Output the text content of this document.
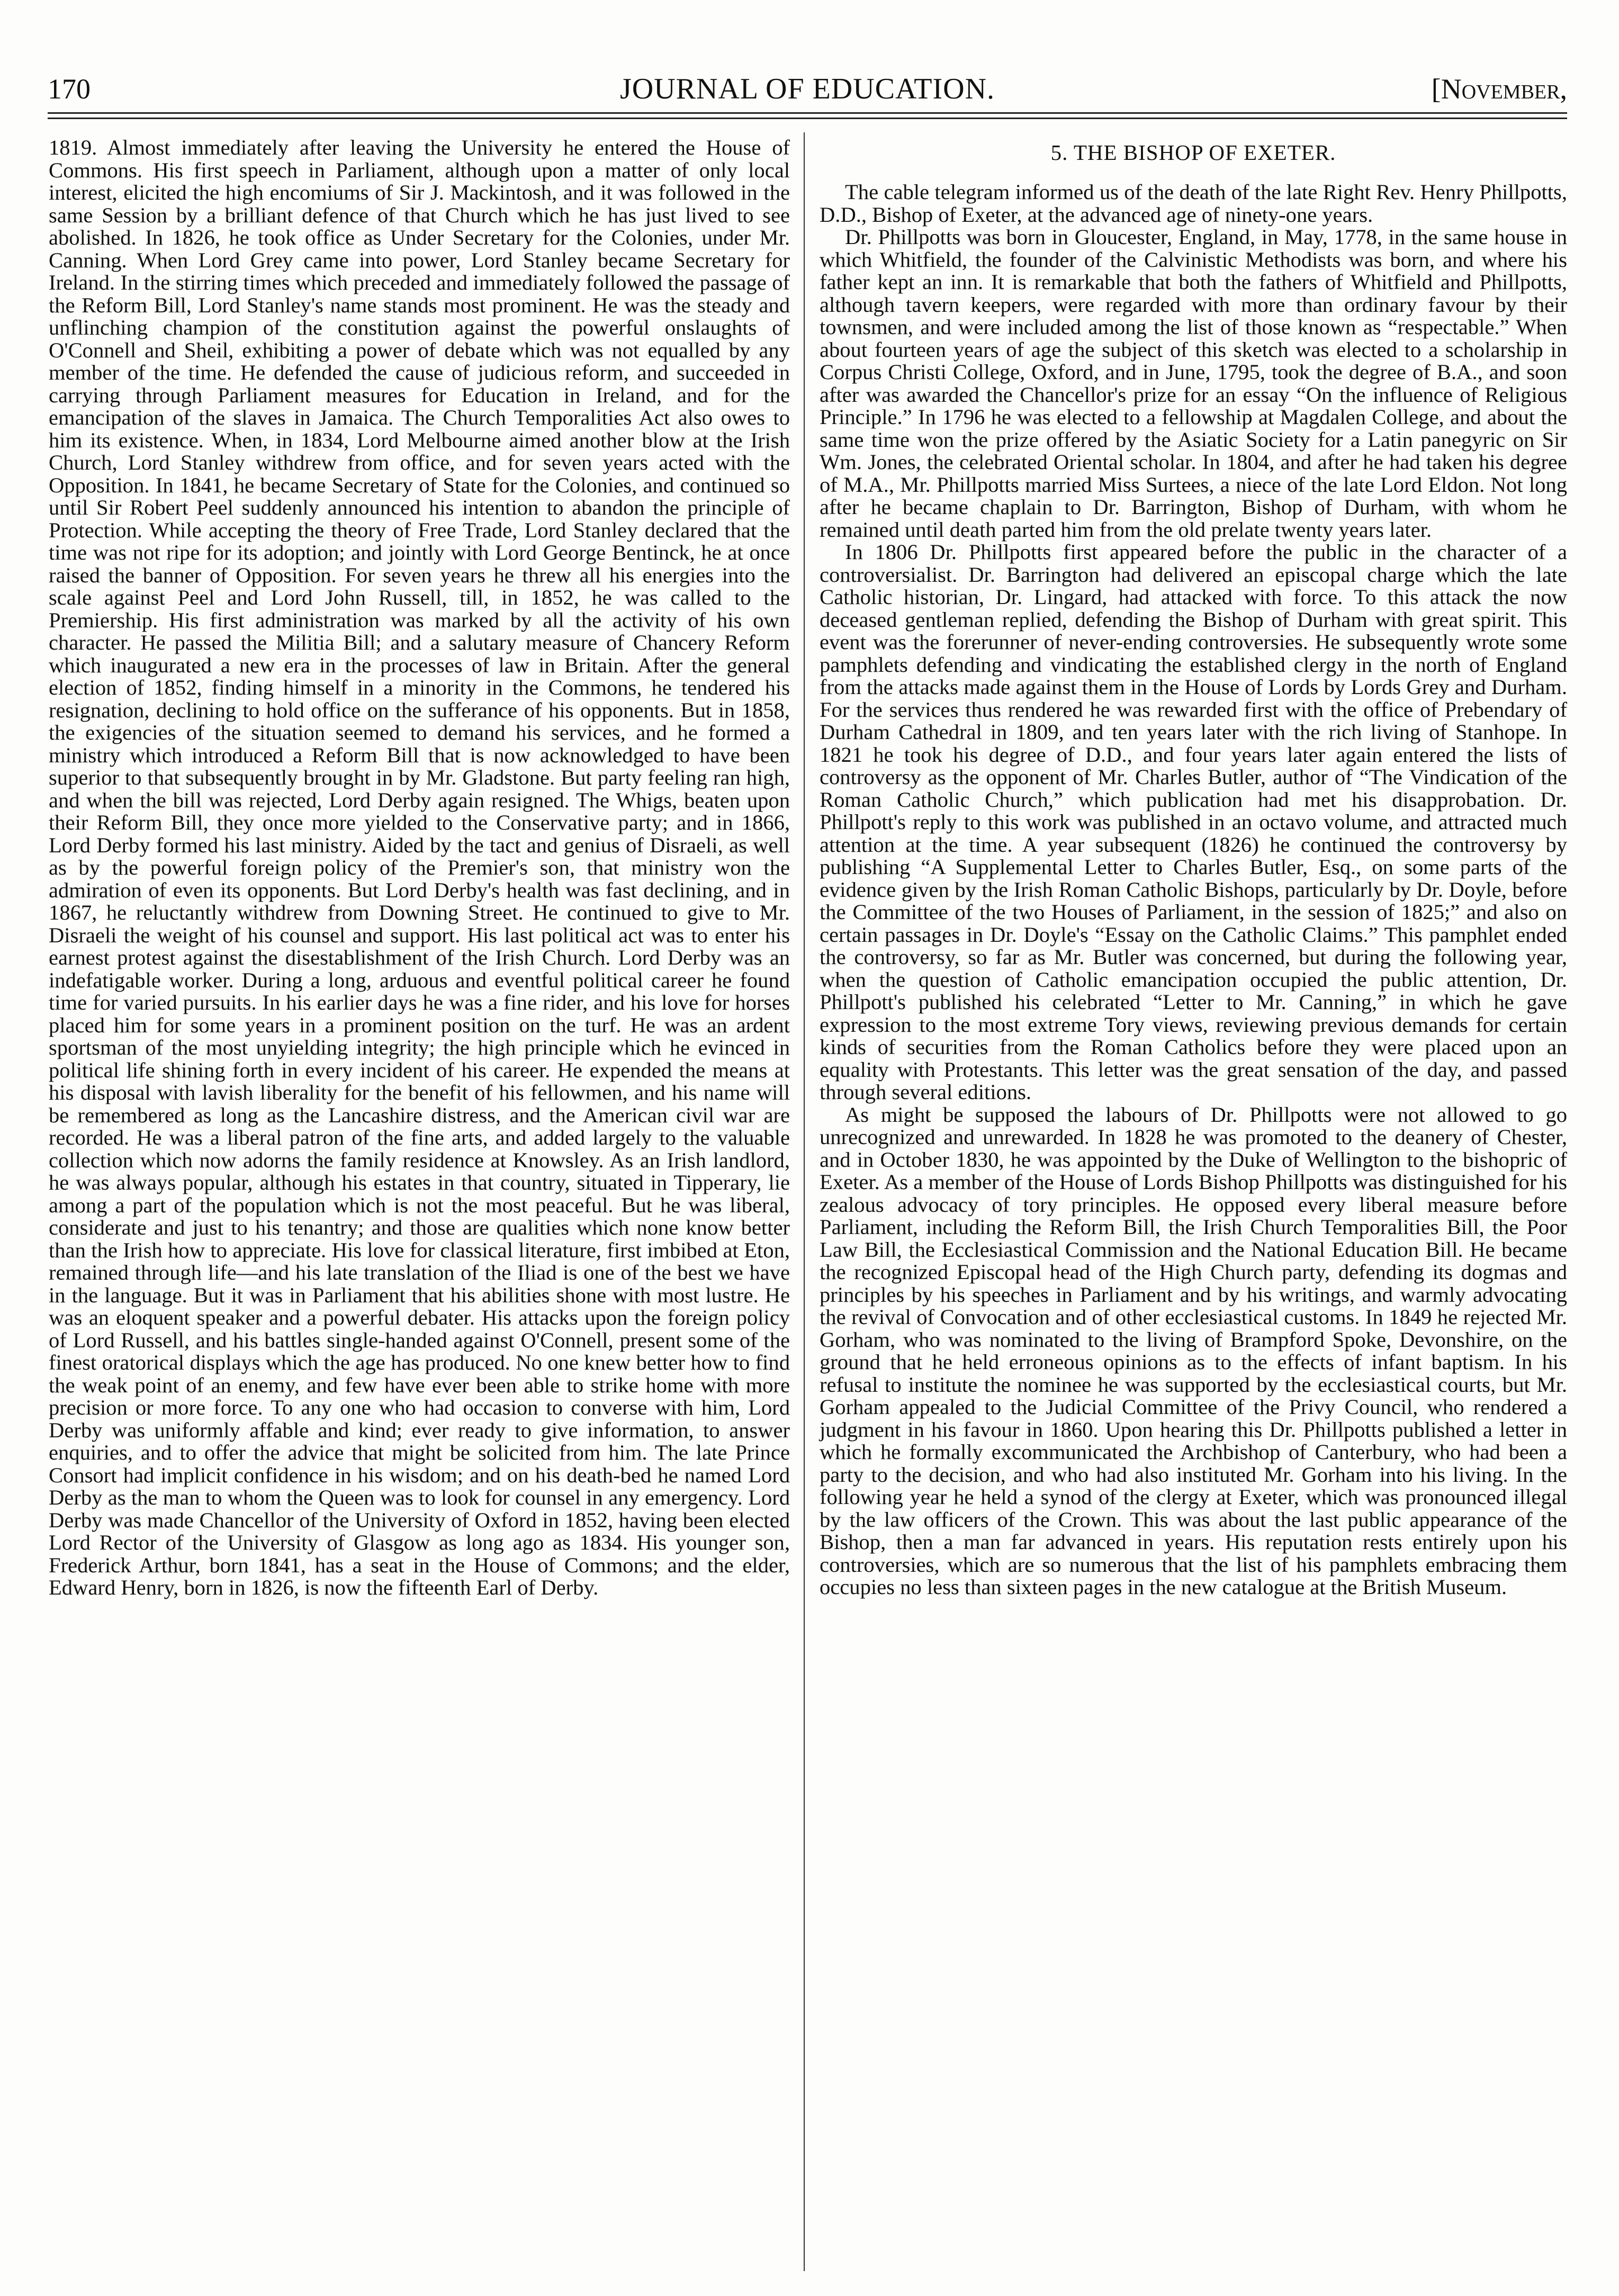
170	JOURNAL OF EDUCATION.	[November,

1819. Almost immediately after leaving the University he entered the House of Commons. His first speech in Parliament, although upon a matter of only local interest, elicited the high encomiums of Sir J. Mackintosh, and it was followed in the same Session by a brilliant defence of that Church which he has just lived to see abolished. In 1826, he took office as Under Secretary for the Colonies, under Mr. Canning. When Lord Grey came into power, Lord Stanley became Secretary for Ireland. In the stirring times which preceded and immediately followed the passage of the Reform Bill, Lord Stanley's name stands most prominent. He was the steady and unflinching champion of the constitution against the powerful onslaughts of O'Connell and Sheil, exhibiting a power of debate which was not equalled by any member of the time. He defended the cause of judicious reform, and succeeded in carrying through Parliament measures for Education in Ireland, and for the emancipation of the slaves in Jamaica. The Church Temporalities Act also owes to him its existence. When, in 1834, Lord Melbourne aimed another blow at the Irish Church, Lord Stanley withdrew from office, and for seven years acted with the Opposition. In 1841, he became Secretary of State for the Colonies, and continued so until Sir Robert Peel suddenly announced his intention to abandon the principle of Protection. While accepting the theory of Free Trade, Lord Stanley declared that the time was not ripe for its adoption; and jointly with Lord George Bentinck, he at once raised the banner of Opposition. For seven years he threw all his energies into the scale against Peel and Lord John Russell, till, in 1852, he was called to the Premiership. His first administration was marked by all the activity of his own character. He passed the Militia Bill; and a salutary measure of Chancery Reform which inaugurated a new era in the processes of law in Britain. After the general election of 1852, finding himself in a minority in the Commons, he tendered his resignation, declining to hold office on the sufferance of his opponents. But in 1858, the exigencies of the situation seemed to demand his services, and he formed a ministry which introduced a Reform Bill that is now acknowledged to have been superior to that subsequently brought in by Mr. Gladstone. But party feeling ran high, and when the bill was rejected, Lord Derby again resigned. The Whigs, beaten upon their Reform Bill, they once more yielded to the Conservative party; and in 1866, Lord Derby formed his last ministry. Aided by the tact and genius of Disraeli, as well as by the powerful foreign policy of the Premier's son, that ministry won the admiration of even its opponents. But Lord Derby's health was fast declining, and in 1867, he reluctantly withdrew from Downing Street. He continued to give to Mr. Disraeli the weight of his counsel and support. His last political act was to enter his earnest protest against the disestablishment of the Irish Church. Lord Derby was an indefatigable worker. During a long, arduous and eventful political career he found time for varied pursuits. In his earlier days he was a fine rider, and his love for horses placed him for some years in a prominent position on the turf. He was an ardent sportsman of the most unyielding integrity; the high principle which he evinced in political life shining forth in every incident of his career. He expended the means at his disposal with lavish liberality for the benefit of his fellowmen, and his name will be remembered as long as the Lancashire distress, and the American civil war are recorded. He was a liberal patron of the fine arts, and added largely to the valuable collection which now adorns the family residence at Knowsley. As an Irish landlord, he was always popular, although his estates in that country, situated in Tipperary, lie among a part of the population which is not the most peaceful. But he was liberal, considerate and just to his tenantry; and those are qualities which none know better than the Irish how to appreciate. His love for classical literature, first imbibed at Eton, remained through life—and his late translation of the Iliad is one of the best we have in the language. But it was in Parliament that his abilities shone with most lustre. He was an eloquent speaker and a powerful debater. His attacks upon the foreign policy of Lord Russell, and his battles single-handed against O'Connell, present some of the finest oratorical displays which the age has produced. No one knew better how to find the weak point of an enemy, and few have ever been able to strike home with more precision or more force. To any one who had occasion to converse with him, Lord Derby was uniformly affable and kind; ever ready to give information, to answer enquiries, and to offer the advice that might be solicited from him. The late Prince Consort had implicit confidence in his wisdom; and on his death-bed he named Lord Derby as the man to whom the Queen was to look for counsel in any emergency. Lord Derby was made Chancellor of the University of Oxford in 1852, having been elected Lord Rector of the University of Glasgow as long ago as 1834. His younger son, Frederick Arthur, born 1841, has a seat in the House of Commons; and the elder, Edward Henry, born in 1826, is now the fifteenth Earl of Derby.

5. THE BISHOP OF EXETER.

The cable telegram informed us of the death of the late Right Rev. Henry Phillpotts, D.D., Bishop of Exeter, at the advanced age of ninety-one years.

Dr. Phillpotts was born in Gloucester, England, in May, 1778, in the same house in which Whitfield, the founder of the Calvinistic Methodists was born, and where his father kept an inn. It is remarkable that both the fathers of Whitfield and Phillpotts, although tavern keepers, were regarded with more than ordinary favour by their townsmen, and were included among the list of those known as “respectable.” When about fourteen years of age the subject of this sketch was elected to a scholarship in Corpus Christi College, Oxford, and in June, 1795, took the degree of B.A., and soon after was awarded the Chancellor's prize for an essay “On the influence of Religious Principle.” In 1796 he was elected to a fellowship at Magdalen College, and about the same time won the prize offered by the Asiatic Society for a Latin panegyric on Sir Wm. Jones, the celebrated Oriental scholar. In 1804, and after he had taken his degree of M.A., Mr. Phillpotts married Miss Surtees, a niece of the late Lord Eldon. Not long after he became chaplain to Dr. Barrington, Bishop of Durham, with whom he remained until death parted him from the old prelate twenty years later.

In 1806 Dr. Phillpotts first appeared before the public in the character of a controversialist. Dr. Barrington had delivered an episcopal charge which the late Catholic historian, Dr. Lingard, had attacked with force. To this attack the now deceased gentleman replied, defending the Bishop of Durham with great spirit. This event was the forerunner of never-ending controversies. He subsequently wrote some pamphlets defending and vindicating the established clergy in the north of England from the attacks made against them in the House of Lords by Lords Grey and Durham. For the services thus rendered he was rewarded first with the office of Prebendary of Durham Cathedral in 1809, and ten years later with the rich living of Stanhope. In 1821 he took his degree of D.D., and four years later again entered the lists of controversy as the opponent of Mr. Charles Butler, author of “The Vindication of the Roman Catholic Church,” which publication had met his disapprobation. Dr. Phillpott's reply to this work was published in an octavo volume, and attracted much attention at the time. A year subsequent (1826) he continued the controversy by publishing “A Supplemental Letter to Charles Butler, Esq., on some parts of the evidence given by the Irish Roman Catholic Bishops, particularly by Dr. Doyle, before the Committee of the two Houses of Parliament, in the session of 1825;” and also on certain passages in Dr. Doyle's “Essay on the Catholic Claims.” This pamphlet ended the controversy, so far as Mr. Butler was concerned, but during the following year, when the question of Catholic emancipation occupied the public attention, Dr. Phillpott's published his celebrated “Letter to Mr. Canning,” in which he gave expression to the most extreme Tory views, reviewing previous demands for certain kinds of securities from the Roman Catholics before they were placed upon an equality with Protestants. This letter was the great sensation of the day, and passed through several editions.

As might be supposed the labours of Dr. Phillpotts were not allowed to go unrecognized and unrewarded. In 1828 he was promoted to the deanery of Chester, and in October 1830, he was appointed by the Duke of Wellington to the bishopric of Exeter. As a member of the House of Lords Bishop Phillpotts was distinguished for his zealous advocacy of tory principles. He opposed every liberal measure before Parliament, including the Reform Bill, the Irish Church Temporalities Bill, the Poor Law Bill, the Ecclesiastical Commission and the National Education Bill. He became the recognized Episcopal head of the High Church party, defending its dogmas and principles by his speeches in Parliament and by his writings, and warmly advocating the revival of Convocation and of other ecclesiastical customs. In 1849 he rejected Mr. Gorham, who was nominated to the living of Brampford Spoke, Devonshire, on the ground that he held erroneous opinions as to the effects of infant baptism. In his refusal to institute the nominee he was supported by the ecclesiastical courts, but Mr. Gorham appealed to the Judicial Committee of the Privy Council, who rendered a judgment in his favour in 1860. Upon hearing this Dr. Phillpotts published a letter in which he formally excommunicated the Archbishop of Canterbury, who had been a party to the decision, and who had also instituted Mr. Gorham into his living. In the following year he held a synod of the clergy at Exeter, which was pronounced illegal by the law officers of the Crown. This was about the last public appearance of the Bishop, then a man far advanced in years. His reputation rests entirely upon his controversies, which are so numerous that the list of his pamphlets embracing them occupies no less than sixteen pages in the new catalogue at the British Museum.
